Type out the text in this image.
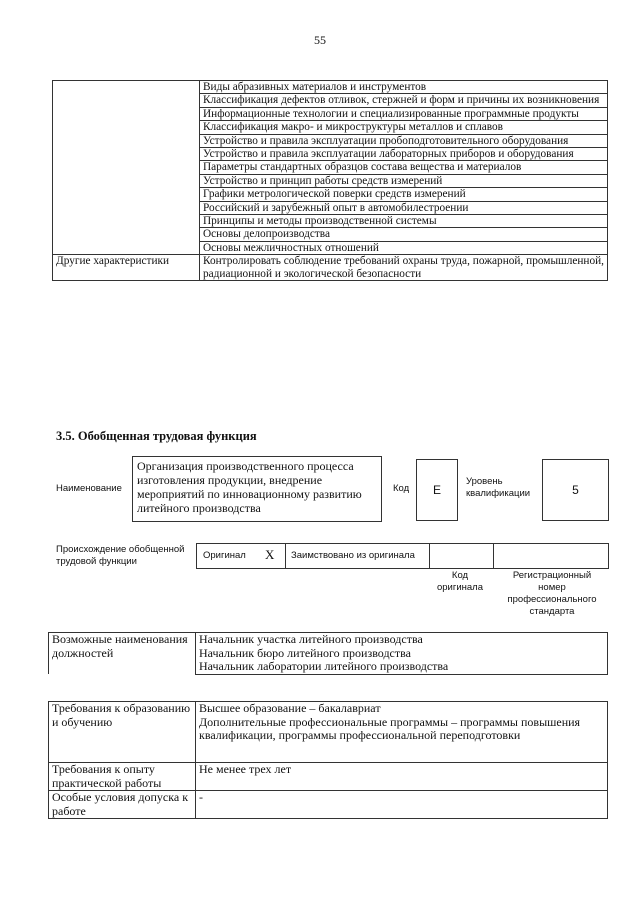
55
	Виды абразивных материалов и инструментов
	Классификация дефектов отливок, стержней и форм и причины их возникновения
	Информационные технологии и специализированные программные продукты
	Классификация макро- и микроструктуры металлов и сплавов
	Устройство и правила эксплуатации пробоподготовительного оборудования
	Устройство и правила эксплуатации лабораторных приборов и оборудования
	Параметры стандартных образцов состава вещества и материалов
	Устройство и принцип работы средств измерений
	Графики метрологической поверки средств измерений
	Российский и зарубежный опыт в автомобилестроении
	Принципы и методы производственной системы
	Основы делопроизводства
	Основы межличностных отношений
Другие характеристики	Контролировать соблюдение требований охраны труда, пожарной, промышленной, радиационной и экологической безопасности
3.5. Обобщенная трудовая функция
Наименование
Организация производственного процесса изготовления продукции, внедрение мероприятий по инновационному развитию литейного производства
Код	E
Уровень квалификации	5
Происхождение обобщенной трудовой функции
Оригинал X Заимствовано из оригинала
Код оригинала
Регистрационный номер профессионального стандарта
Возможные наименования должностей	Начальник участка литейного производства
Начальник бюро литейного производства
Начальник лаборатории литейного производства
Требования к образованию и обучению	Высшее образование – бакалавриат
Дополнительные профессиональные программы – программы повышения квалификации, программы профессиональной переподготовки

Требования к опыту практической работы	Не менее трех лет
Особые условия допуска к работе	-
